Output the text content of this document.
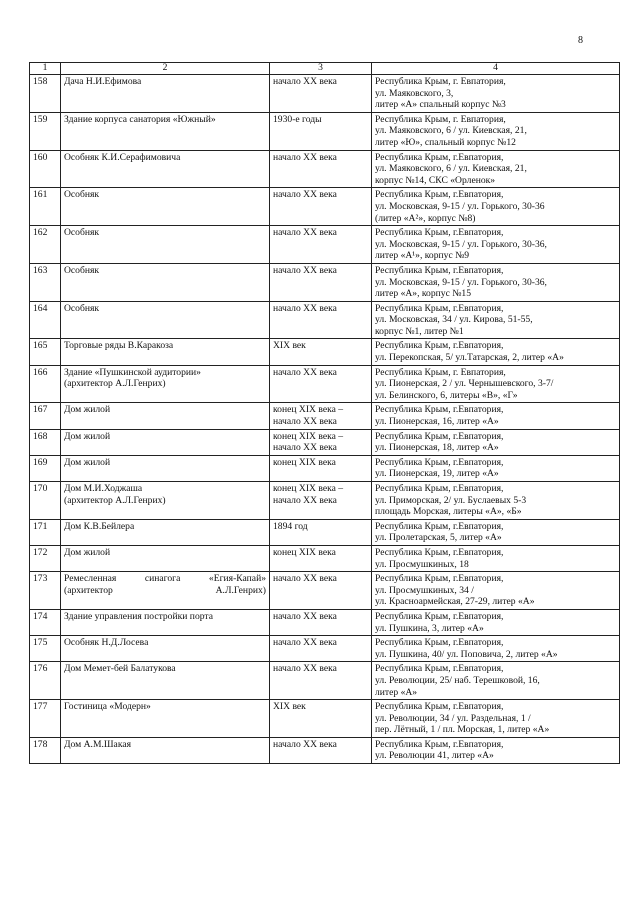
8
1	2	3	4
158	Дача Н.И.Ефимова	начало XX века	Республика Крым, г. Евпатория,
ул. Маяковского, 3,
литер «А» спальный корпус №3

159	Здание корпуса санатория «Южный»	1930-е годы	Республика Крым, г. Евпатория,
ул. Маяковского, 6 / ул. Киевская, 21,
литер «Ю», спальный корпус №12

160	Особняк К.И.Серафимовича	начало XX века	Республика Крым, г.Евпатория,
ул. Маяковского, 6 / ул. Киевская, 21,
корпус №14, СКС «Орленок»

161	Особняк	начало XX века	Республика Крым, г.Евпатория,
ул. Московская, 9-15 / ул. Горького, 30-36
(литер «А²», корпус №8)

162	Особняк	начало XX века	Республика Крым, г.Евпатория,
ул. Московская, 9-15 / ул. Горького, 30-36,
литер «А¹», корпус №9

163	Особняк	начало XX века	Республика Крым, г.Евпатория,
ул. Московская, 9-15 / ул. Горького, 30-36,
литер «А», корпус №15

164	Особняк	начало XX века	Республика Крым, г.Евпатория,
ул. Московская, 34 / ул. Кирова, 51-55,
корпус №1, литер №1

165	Торговые ряды В.Каракоза	XIX век	Республика Крым, г.Евпатория,
ул. Перекопская, 5/ ул.Татарская, 2, литер «А»

166	Здание «Пушкинской аудитории»
(архитектор А.Л.Генрих)	начало XX века	Республика Крым, г. Евпатория,
ул. Пионерская, 2 / ул. Чернышевского, 3-7/
ул. Белинского, 6, литеры «В», «Г»

167	Дом жилой	конец XIX века –
начало XX века	Республика Крым, г.Евпатория,
ул. Пионерская, 16, литер «А»

168	Дом жилой	конец XIX века –
начало XX века	Республика Крым, г.Евпатория,
ул. Пионерская, 18, литер «А»

169	Дом жилой	конец XIX века	Республика Крым, г.Евпатория,
ул. Пионерская, 19, литер «А»

170	Дом М.И.Ходжаша
(архитектор А.Л.Генрих)	конец XIX века –
начало XX века	Республика Крым, г.Евпатория,
ул. Приморская, 2/ ул. Буслаевых 5-3
площадь Морская, литеры «А», «Б»

171	Дом К.В.Бейлера	1894 год	Республика Крым, г.Евпатория,
ул. Пролетарская, 5, литер «А»

172	Дом жилой	конец XIX века	Республика Крым, г.Евпатория,
ул. Просмушкиных, 18

173	Ремесленная синагога «Егия-Капай»
(архитектор А.Л.Генрих)	начало XX века	Республика Крым, г.Евпатория,
ул. Просмушкиных, 34 /
ул. Красноармейская, 27-29, литер «А»

174	Здание управления постройки порта	начало XX века	Республика Крым, г.Евпатория,
ул. Пушкина, 3, литер «А»

175	Особняк Н.Д.Лосева	начало XX века	Республика Крым, г.Евпатория,
ул. Пушкина, 40/ ул. Поповича, 2, литер «А»

176	Дом Мемет-бей Балатукова	начало XX века	Республика Крым, г.Евпатория,
ул. Революции, 25/ наб. Терешковой, 16,
литер «А»

177	Гостиница «Модерн»	XIX век	Республика Крым, г.Евпатория,
ул. Революции, 34 / ул. Раздельная, 1 /
пер. Лётный, 1 / пл. Морская, 1, литер «А»

178	Дом А.М.Шакая	начало XX века	Республика Крым, г.Евпатория,
ул. Революции 41, литер «А»
